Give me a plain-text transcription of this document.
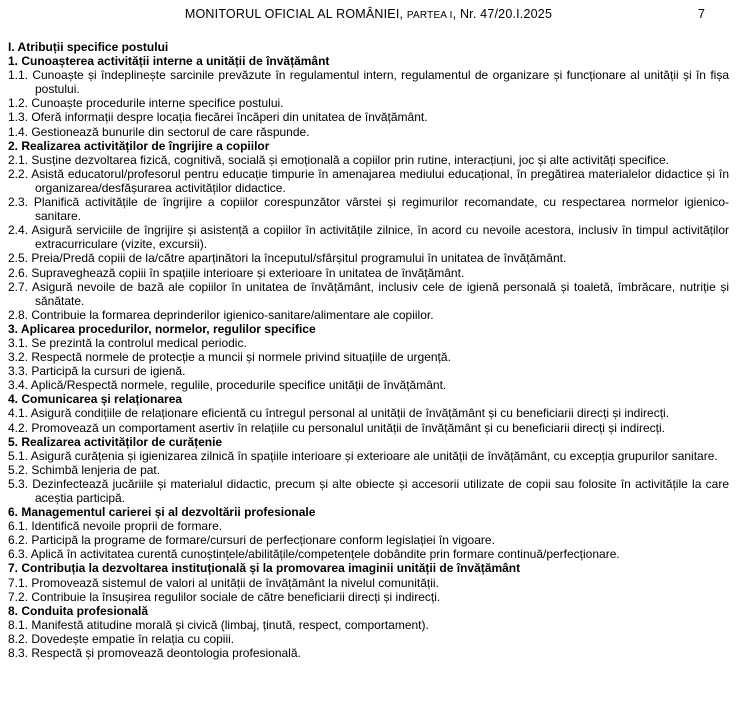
MONITORUL OFICIAL AL ROMÂNIEI, PARTEA I, Nr. 47/20.I.2025	7

I. Atribuții specifice postului

1. Cunoașterea activității interne a unității de învățământ

1.1. Cunoaște și îndeplinește sarcinile prevăzute în regulamentul intern, regulamentul de organizare și funcționare al unității și în fișa postului.

1.2. Cunoaște procedurile interne specifice postului.

1.3. Oferă informații despre locația fiecărei încăperi din unitatea de învățământ.

1.4. Gestionează bunurile din sectorul de care răspunde.

2. Realizarea activităților de îngrijire a copiilor

2.1. Susține dezvoltarea fizică, cognitivă, socială și emoțională a copiilor prin rutine, interacțiuni, joc și alte activități specifice.

2.2. Asistă educatorul/profesorul pentru educație timpurie în amenajarea mediului educațional, în pregătirea materialelor didactice și în organizarea/desfășurarea activităților didactice.

2.3. Planifică activitățile de îngrijire a copiilor corespunzător vârstei și regimurilor recomandate, cu respectarea normelor igienico-sanitare.

2.4. Asigură serviciile de îngrijire și asistență a copiilor în activitățile zilnice, în acord cu nevoile acestora, inclusiv în timpul activităților extracurriculare (vizite, excursii).

2.5. Preia/Predă copiii de la/către aparținători la începutul/sfârșitul programului în unitatea de învățământ.

2.6. Supraveghează copiii în spațiile interioare și exterioare în unitatea de învățământ.

2.7. Asigură nevoile de bază ale copiilor în unitatea de învățământ, inclusiv cele de igienă personală și toaletă, îmbrăcare, nutriție și sănătate.

2.8. Contribuie la formarea deprinderilor igienico-sanitare/alimentare ale copiilor.

3. Aplicarea procedurilor, normelor, regulilor specifice

3.1. Se prezintă la controlul medical periodic.

3.2. Respectă normele de protecție a muncii și normele privind situațiile de urgență.

3.3. Participă la cursuri de igienă.

3.4. Aplică/Respectă normele, regulile, procedurile specifice unității de învățământ.

4. Comunicarea și relaționarea

4.1. Asigură condițiile de relaționare eficientă cu întregul personal al unității de învățământ și cu beneficiarii direcți și indirecți.

4.2. Promovează un comportament asertiv în relațiile cu personalul unității de învățământ și cu beneficiarii direcți și indirecți.

5. Realizarea activităților de curățenie

5.1. Asigură curățenia și igienizarea zilnică în spațiile interioare și exterioare ale unității de învățământ, cu excepția grupurilor sanitare.

5.2. Schimbă lenjeria de pat.

5.3. Dezinfectează jucăriile și materialul didactic, precum și alte obiecte și accesorii utilizate de copii sau folosite în activitățile la care aceștia participă.

6. Managementul carierei și al dezvoltării profesionale

6.1. Identifică nevoile proprii de formare.

6.2. Participă la programe de formare/cursuri de perfecționare conform legislației în vigoare.

6.3. Aplică în activitatea curentă cunoștințele/abilitățile/competențele dobândite prin formare continuă/perfecționare.

7. Contribuția la dezvoltarea instituțională și la promovarea imaginii unității de învățământ

7.1. Promovează sistemul de valori al unității de învățământ la nivelul comunității.

7.2. Contribuie la însușirea regulilor sociale de către beneficiarii direcți și indirecți.

8. Conduita profesională

8.1. Manifestă atitudine morală și civică (limbaj, ținută, respect, comportament).

8.2. Dovedește empatie în relația cu copiii.

8.3. Respectă și promovează deontologia profesională.
